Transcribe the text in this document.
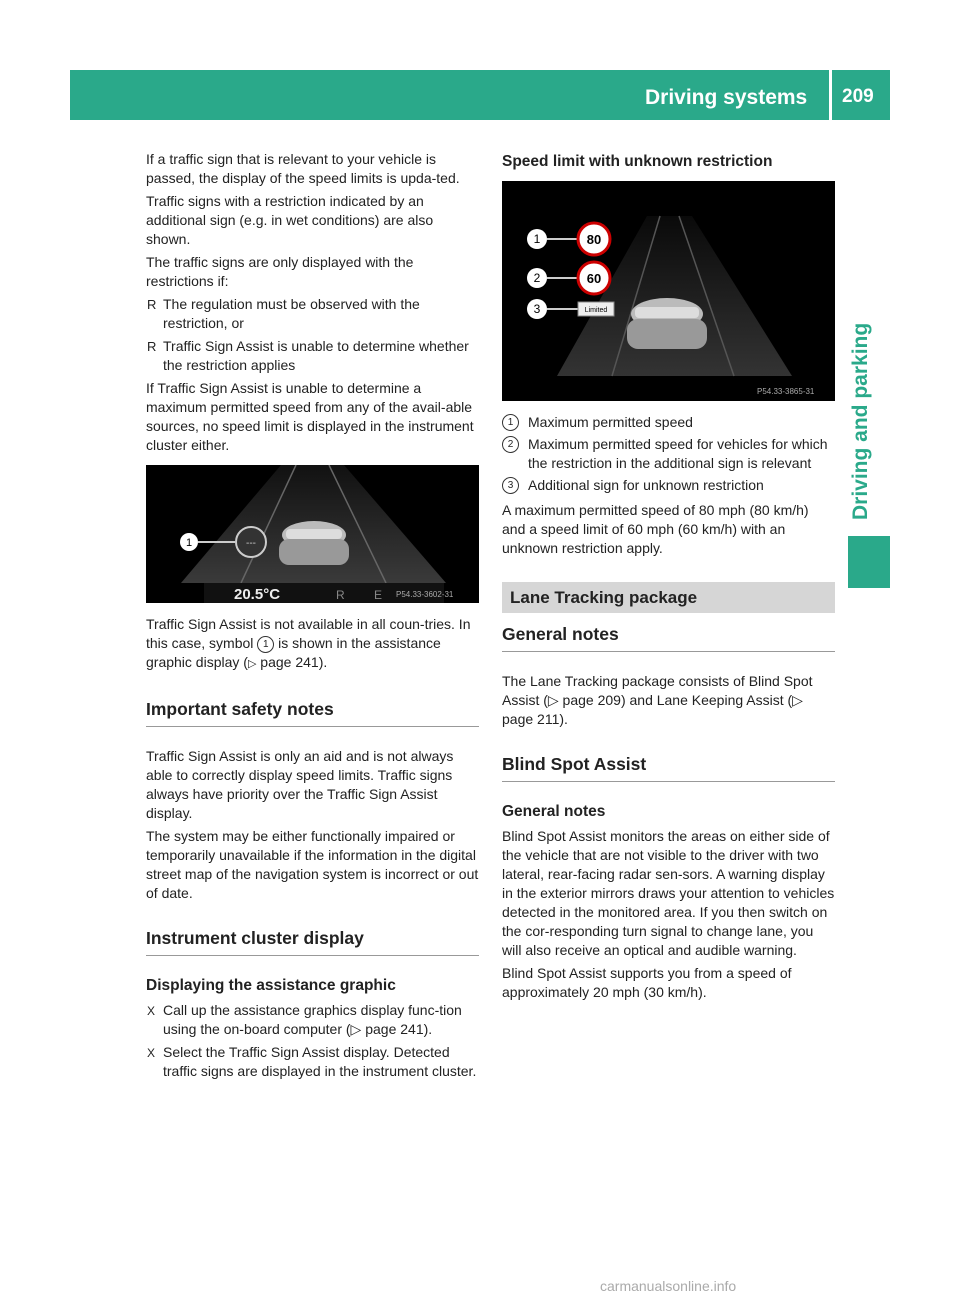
Driving systems 209
Driving and parking

If a traffic sign that is relevant to your vehicle is passed, the display of the speed limits is upda-ted.

Traffic signs with a restriction indicated by an additional sign (e.g. in wet conditions) are also shown.

The traffic signs are only displayed with the restrictions if:

R The regulation must be observed with the restriction, or
R Traffic Sign Assist is unable to determine whether the restriction applies

If Traffic Sign Assist is unable to determine a maximum permitted speed from any of the avail-able sources, no speed limit is displayed in the instrument cluster either.

1	---
20.5°C	R E P54.33-3602-31

Traffic Sign Assist is not available in all coun-tries. In this case, symbol 1 is shown in the assistance graphic display (▷ page 241).

Important safety notes

Traffic Sign Assist is only an aid and is not always able to correctly display speed limits. Traffic signs always have priority over the Traffic Sign Assist display.

The system may be either functionally impaired or temporarily unavailable if the information in the digital street map of the navigation system is incorrect or out of date.

Instrument cluster display
Displaying the assistance graphic
X Call up the assistance graphics display func-tion using the on-board computer (▷ page 241).
X Select the Traffic Sign Assist display. Detected traffic signs are displayed in the instrument cluster.
Speed limit with unknown restriction
1	80
2	60
3	Limited
P54.33-3865-31
1	Maximum permitted speed
2	Maximum permitted speed for vehicles for which the restriction in the additional sign is relevant
3	Additional sign for unknown restriction

A maximum permitted speed of 80 mph (80 km/h) and a speed limit of 60 mph (60 km/h) with an unknown restriction apply.

Lane Tracking package
General notes

The Lane Tracking package consists of Blind Spot Assist (▷ page 209) and Lane Keeping Assist (▷ page 211).

Blind Spot Assist
General notes

Blind Spot Assist monitors the areas on either side of the vehicle that are not visible to the driver with two lateral, rear-facing radar sen-sors. A warning display in the exterior mirrors draws your attention to vehicles detected in the monitored area. If you then switch on the cor-responding turn signal to change lane, you will also receive an optical and audible warning.

Blind Spot Assist supports you from a speed of approximately 20 mph (30 km/h).

carmanualsonline.info
